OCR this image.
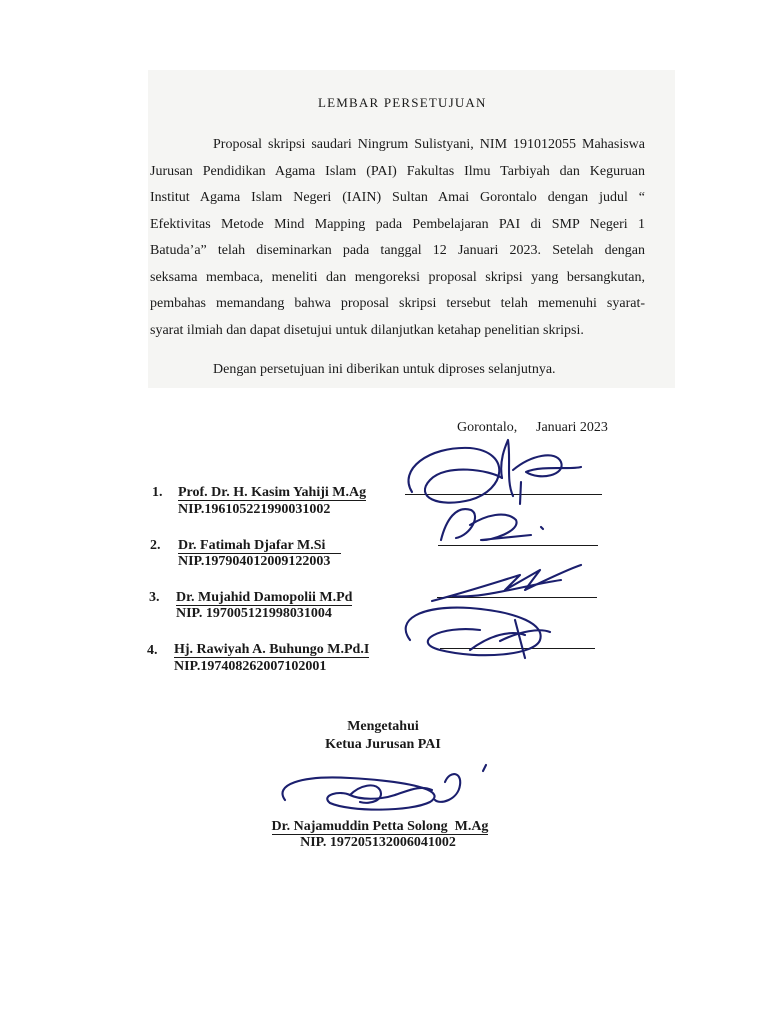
LEMBAR PERSETUJUAN
Proposal skripsi saudari Ningrum Sulistyani, NIM 191012055 Mahasiswa
Jurusan Pendidikan Agama Islam (PAI) Fakultas Ilmu Tarbiyah dan Keguruan
Institut Agama Islam Negeri (IAIN) Sultan Amai Gorontalo dengan judul “
Efektivitas Metode Mind Mapping pada Pembelajaran PAI di SMP Negeri 1
Batuda’a” telah diseminarkan pada tanggal 12 Januari 2023. Setelah dengan
seksama membaca, meneliti dan mengoreksi proposal skripsi yang bersangkutan,
pembahas memandang bahwa proposal skripsi tersebut telah memenuhi syarat-
syarat ilmiah dan dapat disetujui untuk dilanjutkan ketahap penelitian skripsi.
Dengan persetujuan ini diberikan untuk diproses selanjutnya.
Gorontalo, Januari 2023
1. Prof. Dr. H. Kasim Yahiji M.Ag
NIP.196105221990031002
2. Dr. Fatimah Djafar M.Si
NIP.197904012009122003
3. Dr. Mujahid Damopolii M.Pd
NIP. 197005121998031004
4. Hj. Rawiyah A. Buhungo M.Pd.I
NIP.197408262007102001
Mengetahui
Ketua Jurusan PAI
Dr. Najamuddin Petta Solong  M.Ag
NIP. 197205132006041002
